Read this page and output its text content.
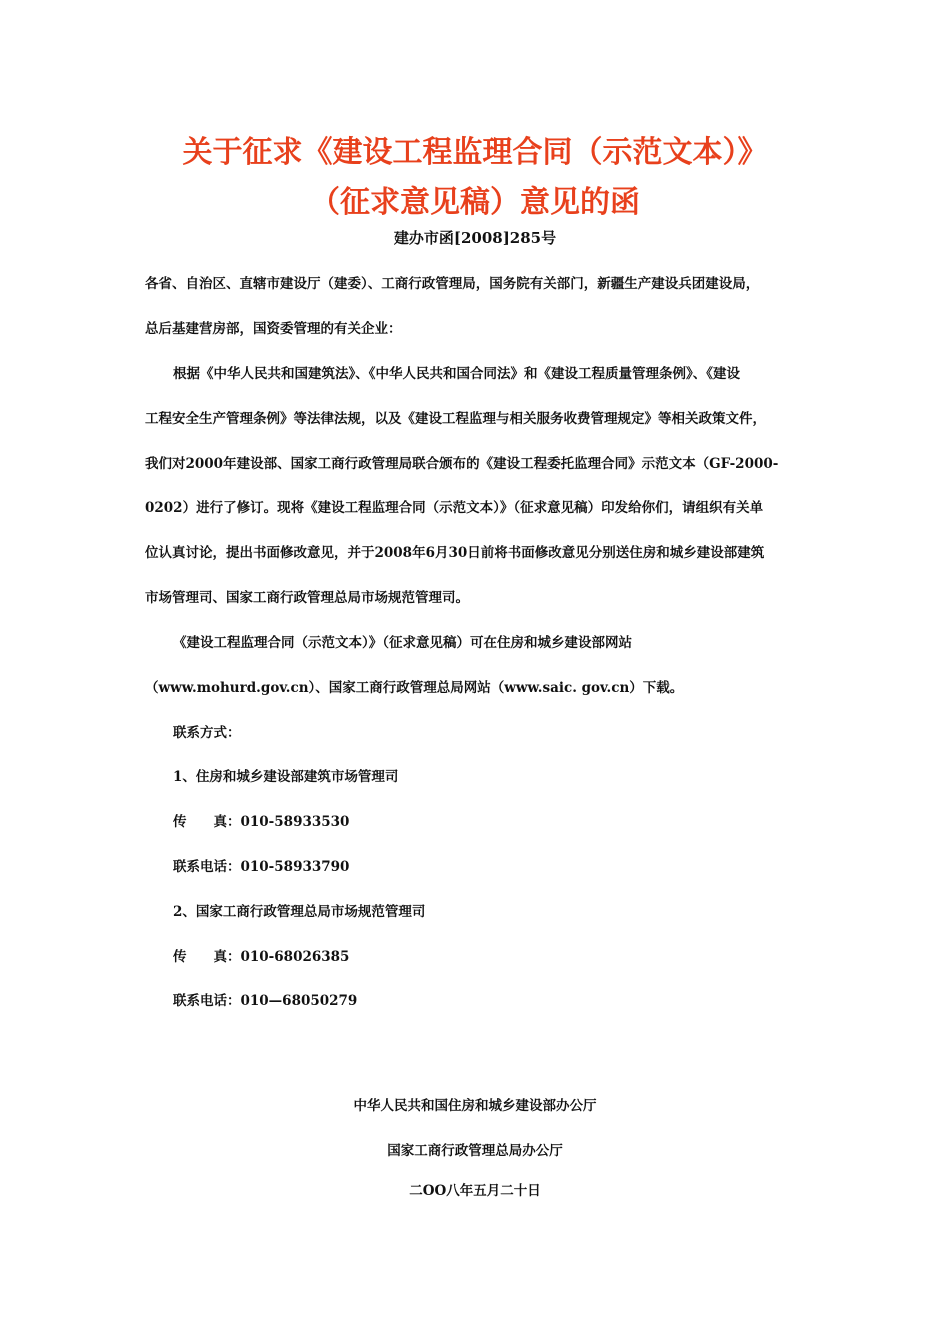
关于征求《建设工程监理合同（示范文本）》
（征求意见稿）意见的函
建办市函[2008]285号
各省、自治区、直辖市建设厅（建委）、工商行政管理局，国务院有关部门，新疆生产建设兵团建设局，
总后基建营房部，国资委管理的有关企业：
根据《中华人民共和国建筑法》、《中华人民共和国合同法》和《建设工程质量管理条例》、《建设
工程安全生产管理条例》等法律法规，以及《建设工程监理与相关服务收费管理规定》等相关政策文件，
我们对2000年建设部、国家工商行政管理局联合颁布的《建设工程委托监理合同》示范文本（GF-2000-
0202）进行了修订。现将《建设工程监理合同（示范文本）》（征求意见稿）印发给你们，请组织有关单
位认真讨论，提出书面修改意见，并于2008年6月30日前将书面修改意见分别送住房和城乡建设部建筑
市场管理司、国家工商行政管理总局市场规范管理司。
《建设工程监理合同（示范文本）》（征求意见稿）可在住房和城乡建设部网站
（www.mohurd.gov.cn）、国家工商行政管理总局网站（www.saic. gov.cn）下载。
联系方式：
1、住房和城乡建设部建筑市场管理司
传　　真：010-58933530
联系电话：010-58933790
2、国家工商行政管理总局市场规范管理司
传　　真：010-68026385
联系电话：010—68050279
中华人民共和国住房和城乡建设部办公厅
国家工商行政管理总局办公厅
二OO八年五月二十日
